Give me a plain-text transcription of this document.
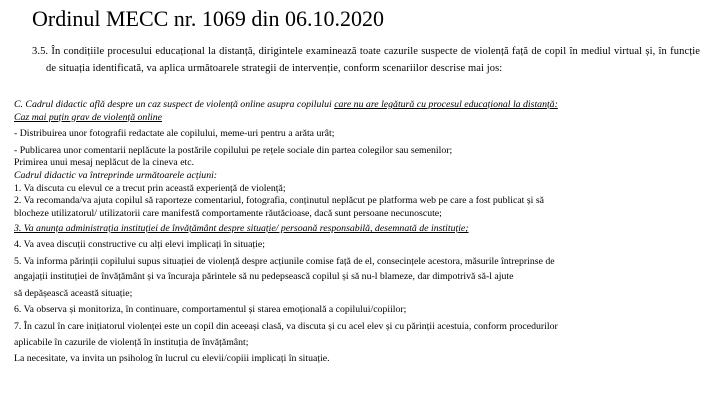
Ordinul MECC nr. 1069 din 06.10.2020
3.5. În condițiile procesului educațional la distanță, dirigintele examinează toate cazurile suspecte de violență față de copil în mediul virtual și, în funcție de situația identificată, va aplica următoarele strategii de intervenție, conform scenariilor descrise mai jos:

C. Cadrul didactic află despre un caz suspect de violență online asupra copilului care nu are legătură cu procesul educațional la distanță:

Caz mai puțin grav de violență online

- Distribuirea unor fotografii redactate ale copilului, meme-uri pentru a arăta urât;

- Publicarea unor comentarii neplăcute la postările copilului pe rețele sociale din partea colegilor sau semenilor;

Primirea unui mesaj neplăcut de la cineva etc.

Cadrul didactic va întreprinde următoarele acțiuni:

1. Va discuta cu elevul ce a trecut prin această experiență de violență;

2. Va recomanda/va ajuta copilul să raporteze comentariul, fotografia, conținutul neplăcut pe platforma web pe care a fost publicat și să

blocheze utilizatorul/ utilizatorii care manifestă comportamente răutăcioase, dacă sunt persoane necunoscute;

3. Va anunța administrația instituției de învățământ despre situație/ persoană responsabilă, desemnată de instituție;

4. Va avea discuții constructive cu alți elevi implicați în situație;

5. Va informa părinții copilului supus situației de violență despre acțiunile comise față de el, consecințele acestora, măsurile întreprinse de

angajații instituției de învățământ și va încuraja părintele să nu pedepsească copilul și să nu-l blameze, dar dimpotrivă să-l ajute

să depășească această situație;

6. Va observa și monitoriza, în continuare, comportamentul și starea emoțională a copilului/copiilor;

7. În cazul în care inițiatorul violenței este un copil din aceeași clasă, va discuta și cu acel elev și cu părinții acestuia, conform procedurilor

aplicabile în cazurile de violență în instituția de învățământ;

La necesitate, va invita un psiholog în lucrul cu elevii/copiii implicați în situație.
